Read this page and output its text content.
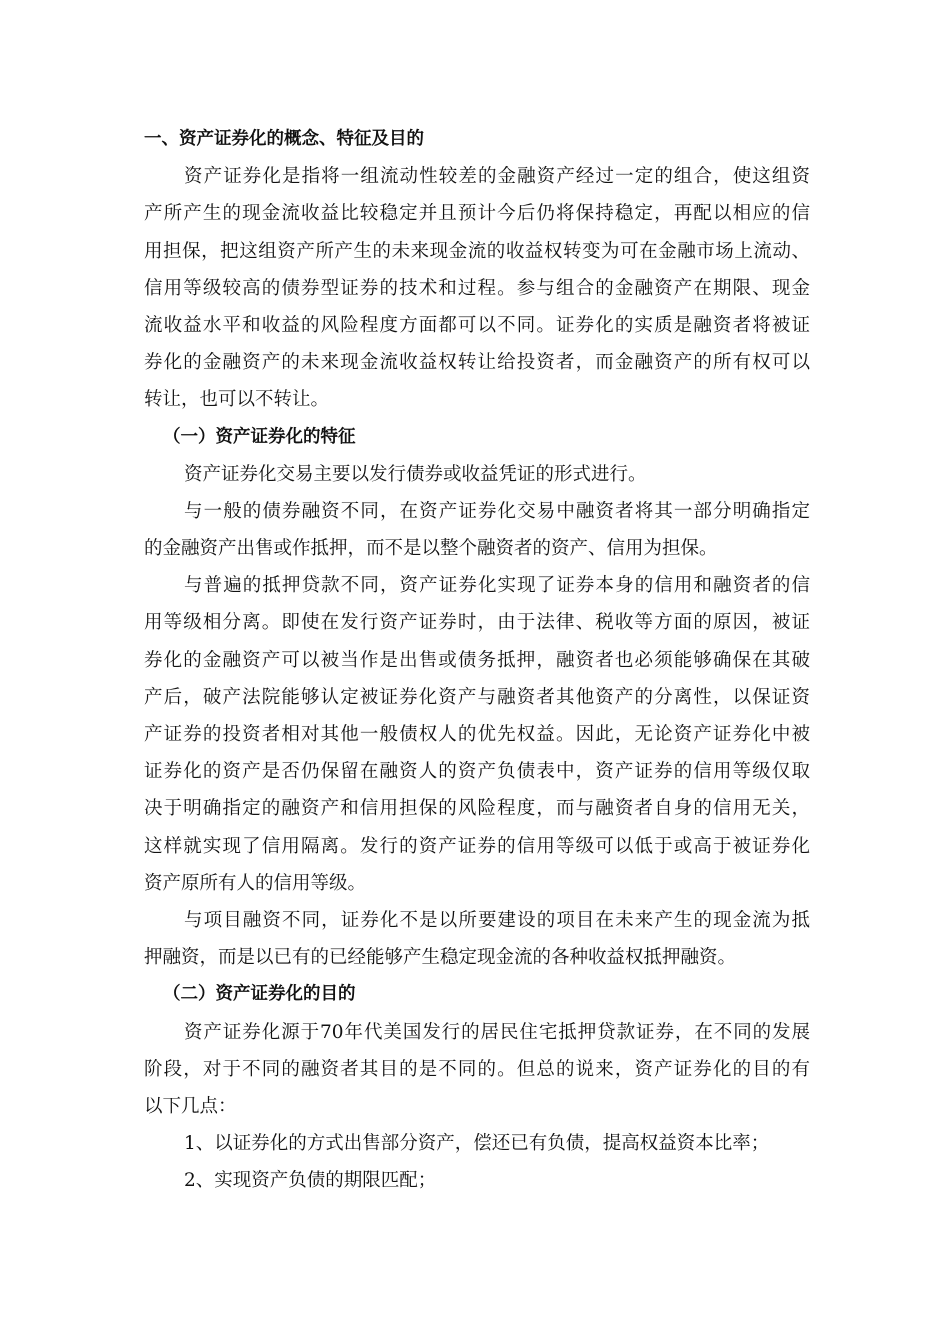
一、资产证券化的概念、特征及目的
资产证券化是指将一组流动性较差的金融资产经过一定的组合，使这组资
产所产生的现金流收益比较稳定并且预计今后仍将保持稳定，再配以相应的信
用担保，把这组资产所产生的未来现金流的收益权转变为可在金融市场上流动、
信用等级较高的债券型证券的技术和过程。参与组合的金融资产在期限、现金
流收益水平和收益的风险程度方面都可以不同。证券化的实质是融资者将被证
券化的金融资产的未来现金流收益权转让给投资者，而金融资产的所有权可以
转让，也可以不转让。
（一）资产证券化的特征
资产证券化交易主要以发行债券或收益凭证的形式进行。
与一般的债券融资不同，在资产证券化交易中融资者将其一部分明确指定
的金融资产出售或作抵押，而不是以整个融资者的资产、信用为担保。
与普遍的抵押贷款不同，资产证券化实现了证券本身的信用和融资者的信
用等级相分离。即使在发行资产证券时，由于法律、税收等方面的原因，被证
券化的金融资产可以被当作是出售或债务抵押，融资者也必须能够确保在其破
产后，破产法院能够认定被证券化资产与融资者其他资产的分离性，以保证资
产证券的投资者相对其他一般债权人的优先权益。因此，无论资产证券化中被
证券化的资产是否仍保留在融资人的资产负债表中，资产证券的信用等级仅取
决于明确指定的融资产和信用担保的风险程度，而与融资者自身的信用无关，
这样就实现了信用隔离。发行的资产证券的信用等级可以低于或高于被证券化
资产原所有人的信用等级。
与项目融资不同，证券化不是以所要建设的项目在未来产生的现金流为抵
押融资，而是以已有的已经能够产生稳定现金流的各种收益权抵押融资。
（二）资产证券化的目的
资产证券化源于70年代美国发行的居民住宅抵押贷款证券，在不同的发展
阶段，对于不同的融资者其目的是不同的。但总的说来，资产证券化的目的有
以下几点：
1、以证券化的方式出售部分资产，偿还已有负债，提高权益资本比率；
2、实现资产负债的期限匹配；
